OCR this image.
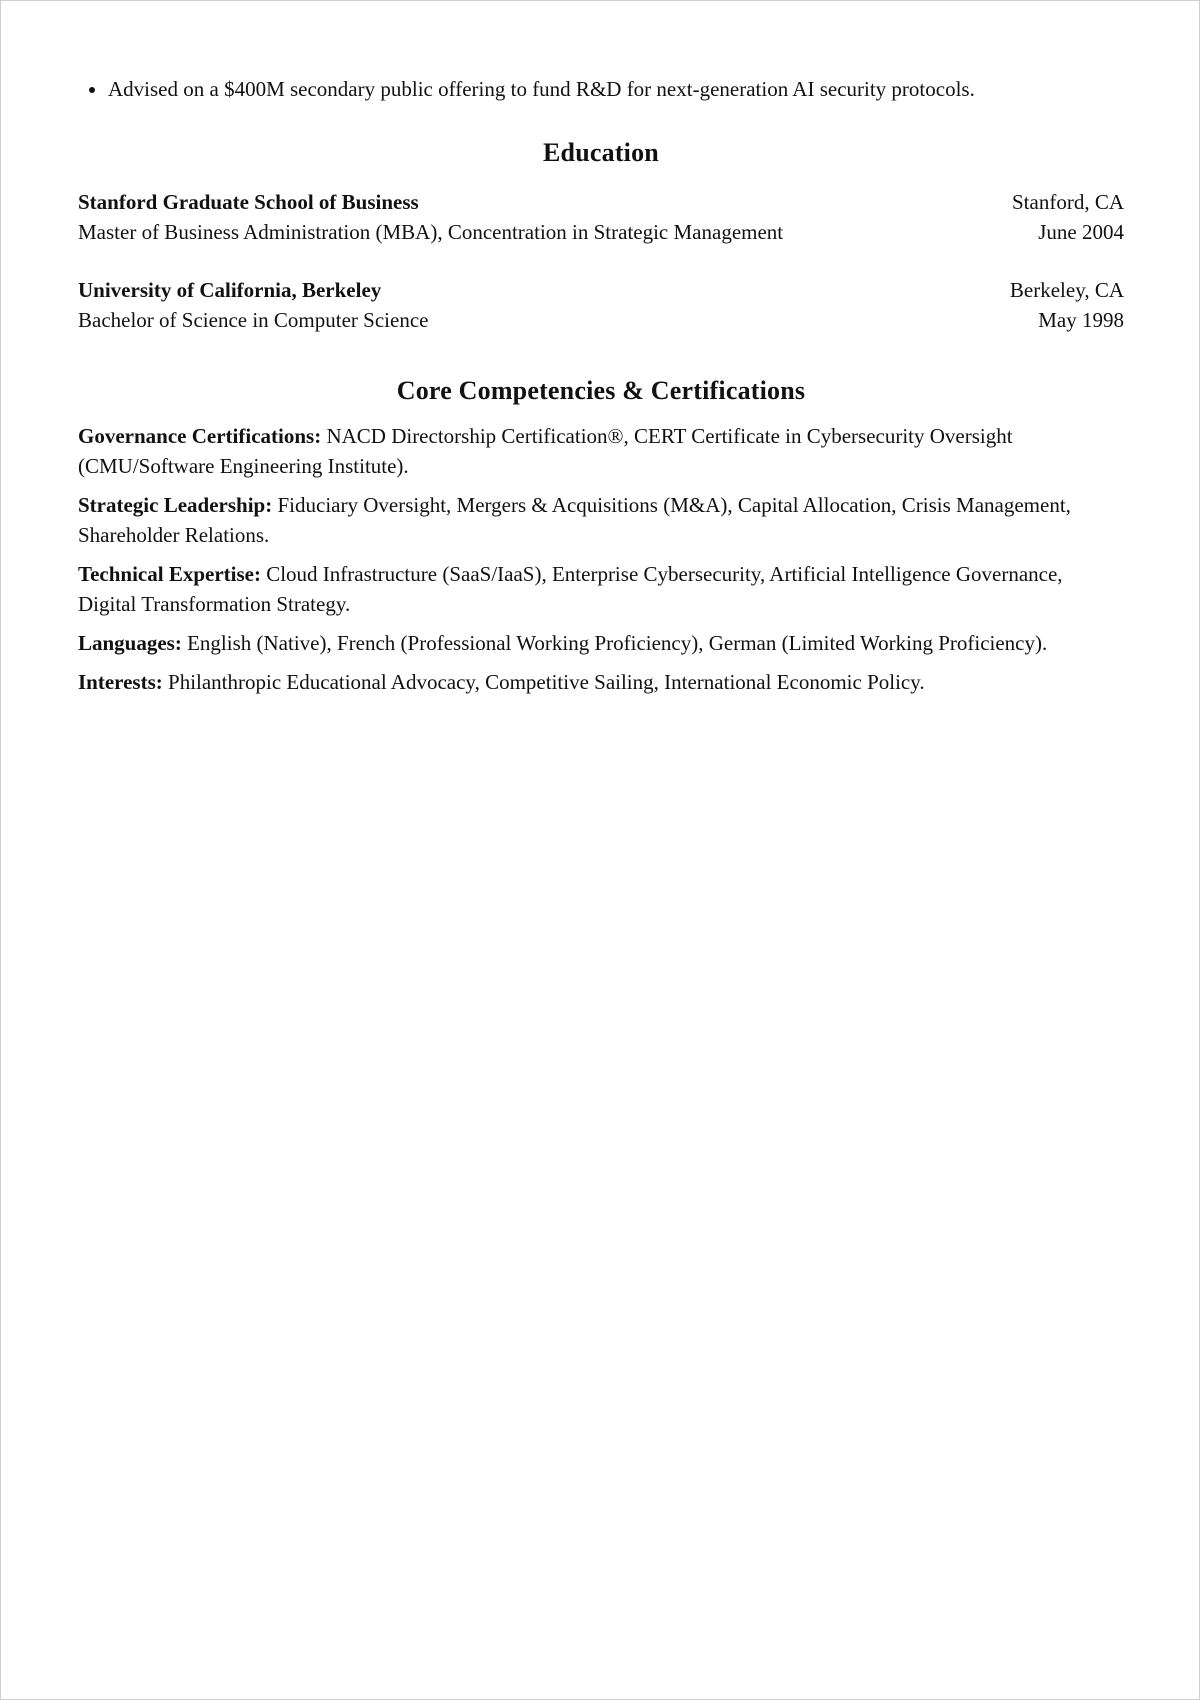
• Advised on a $400M secondary public offering to fund R&D for next-generation AI security protocols.
Education
Stanford Graduate School of Business	Stanford, CA
Master of Business Administration (MBA), Concentration in Strategic Management	June 2004
University of California, Berkeley	Berkeley, CA
Bachelor of Science in Computer Science	May 1998
Core Competencies & Certifications

Governance Certifications: NACD Directorship Certification®, CERT Certificate in Cybersecurity Oversight (CMU/Software Engineering Institute).

Strategic Leadership: Fiduciary Oversight, Mergers & Acquisitions (M&A), Capital Allocation, Crisis Management, Shareholder Relations.

Technical Expertise: Cloud Infrastructure (SaaS/IaaS), Enterprise Cybersecurity, Artificial Intelligence Governance, Digital Transformation Strategy.

Languages: English (Native), French (Professional Working Proficiency), German (Limited Working Proficiency).

Interests: Philanthropic Educational Advocacy, Competitive Sailing, International Economic Policy.
